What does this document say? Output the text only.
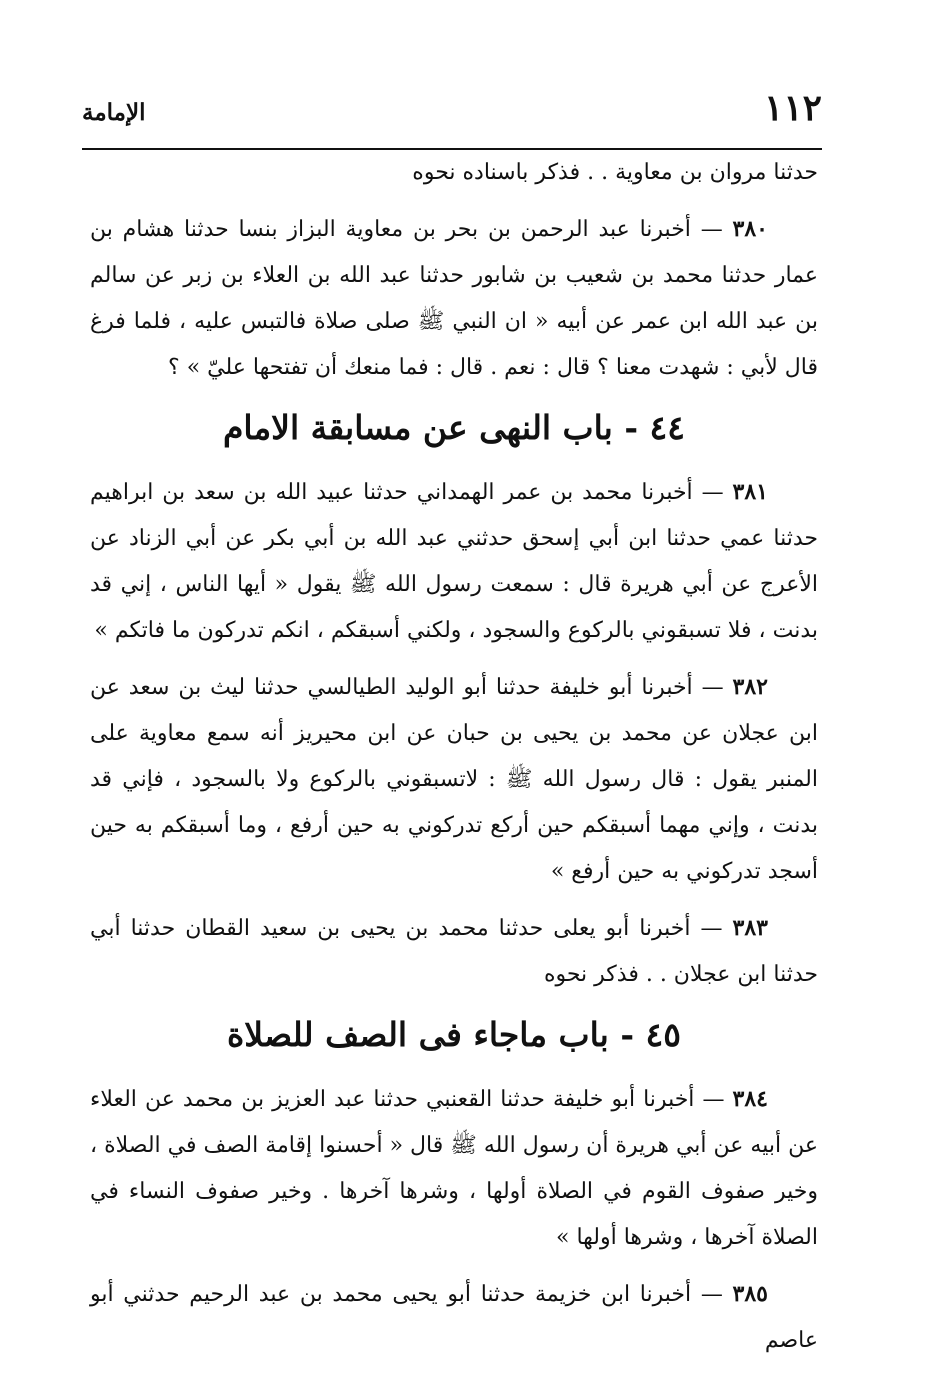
١١٢
الإمامة

حدثنا مروان بن معاوية . . فذكر باسناده نحوه

٣٨٠ — أخبرنا عبد الرحمن بن بحر بن معاوية البزاز بنسا حدثنا هشام بن عمار حدثنا محمد بن شعيب بن شابور حدثنا عبد الله بن العلاء بن زبر عن سالم بن عبد الله ابن عمر عن أبيه « ان النبي ﷺ صلى صلاة فالتبس عليه ، فلما فرغ قال لأبي : شهدت معنا ؟ قال : نعم . قال : فما منعك أن تفتحها عليّ » ؟

٤٤ - باب النهى عن مسابقة الامام

٣٨١ — أخبرنا محمد بن عمر الهمداني حدثنا عبيد الله بن سعد بن ابراهيم حدثنا عمي حدثنا ابن أبي إسحق حدثني عبد الله بن أبي بكر عن أبي الزناد عن الأعرج عن أبي هريرة قال : سمعت رسول الله ﷺ يقول « أيها الناس ، إني قد بدنت ، فلا تسبقوني بالركوع والسجود ، ولكني أسبقكم ، انكم تدركون ما فاتكم »

٣٨٢ — أخبرنا أبو خليفة حدثنا أبو الوليد الطيالسي حدثنا ليث بن سعد عن ابن عجلان عن محمد بن يحيى بن حبان عن ابن محيريز أنه سمع معاوية على المنبر يقول : قال رسول الله ﷺ : لاتسبقوني بالركوع ولا بالسجود ، فإني قد بدنت ، وإني مهما أسبقكم حين أركع تدركوني به حين أرفع ، وما أسبقكم به حين أسجد تدركوني به حين أرفع »

٣٨٣ — أخبرنا أبو يعلى حدثنا محمد بن يحيى بن سعيد القطان حدثنا أبي حدثنا ابن عجلان . . فذكر نحوه

٤٥ - باب ماجاء فى الصف للصلاة

٣٨٤ — أخبرنا أبو خليفة حدثنا القعنبي حدثنا عبد العزيز بن محمد عن العلاء عن أبيه عن أبي هريرة أن رسول الله ﷺ قال « أحسنوا إقامة الصف في الصلاة ، وخير صفوف القوم في الصلاة أولها ، وشرها آخرها . وخير صفوف النساء في الصلاة آخرها ، وشرها أولها »

٣٨٥ — أخبرنا ابن خزيمة حدثنا أبو يحيى محمد بن عبد الرحيم حدثني أبو عاصم
